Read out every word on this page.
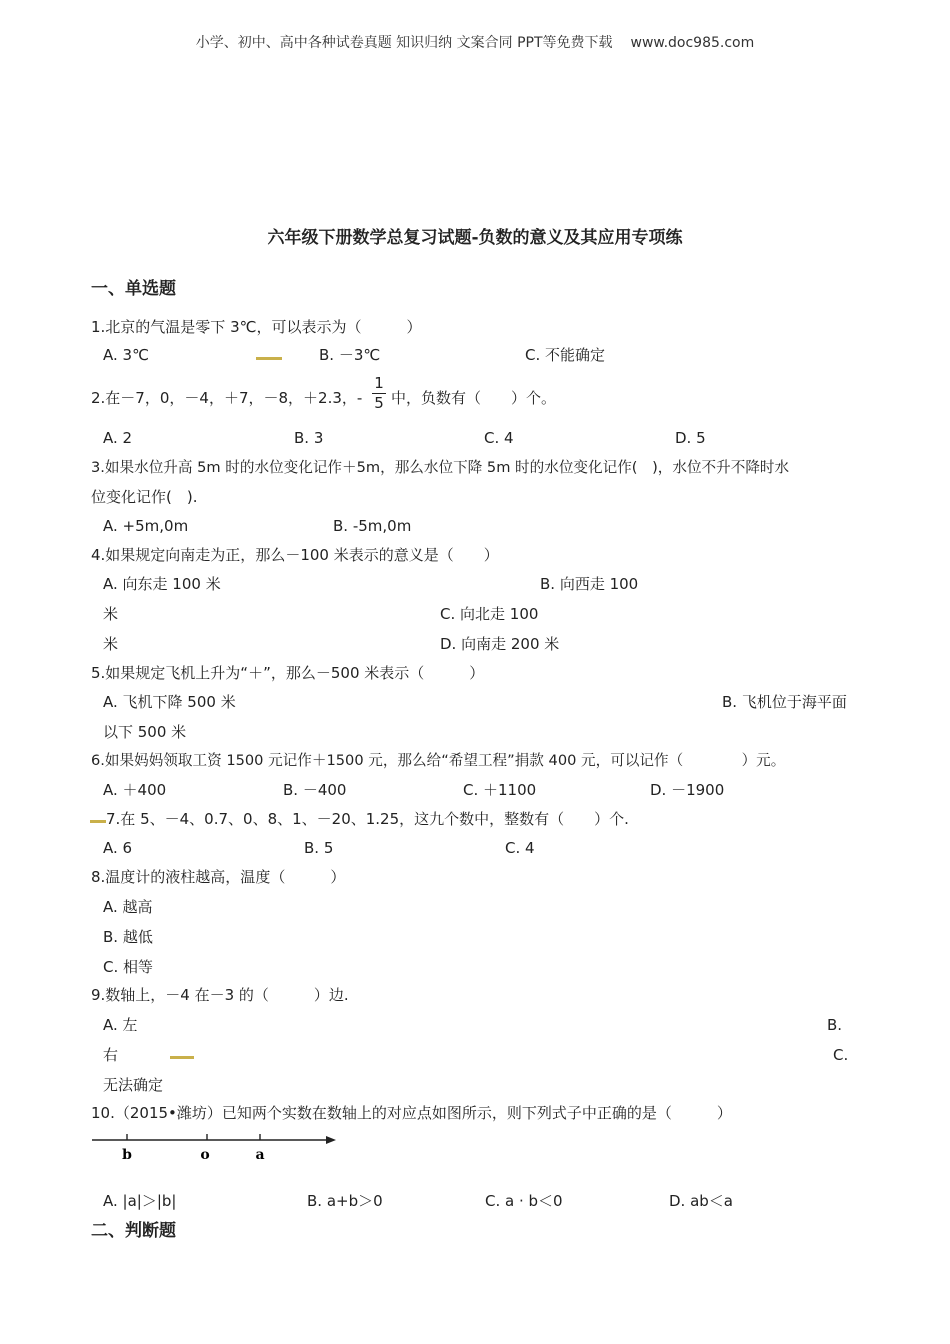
小学、初中、高中各种试卷真题 知识归纳 文案合同 PPT等免费下载 www.doc985.com
六年级下册数学总复习试题-负数的意义及其应用专项练
一、单选题
1.北京的气温是零下 3℃，可以表示为（　　　）
A. 3℃	B. －3℃	C. 不能确定
2.在－7，0，－4，＋7，－8，＋2.3，-
1
5 中，负数有（　　）个。
A. 2	B. 3	C. 4	D. 5
3.如果水位升高 5m 时的水位变化记作＋5m，那么水位下降 5m 时的水位变化记作(　)，水位不升不降时水
位变化记作(　).
A. +5m,0m	B. -5m,0m
4.如果规定向南走为正，那么－100 米表示的意义是（　　）
A. 向东走 100 米	B. 向西走 100
米	C. 向北走 100
米	D. 向南走 200 米
5.如果规定飞机上升为“＋”，那么－500 米表示（　　　）
A. 飞机下降 500 米	B. 飞机位于海平面
以下 500 米
6.如果妈妈领取工资 1500 元记作＋1500 元，那么给“希望工程”捐款 400 元，可以记作（　　　　）元。
A. ＋400	B. －400	C. ＋1100	D. －1900
7.在 5、－4、0.7、0、8、1、－20、1.25，这九个数中，整数有（　　）个.
A. 6	B. 5	C. 4
8.温度计的液柱越高，温度（　　　）
A. 越高
B. 越低
C. 相等
9.数轴上，－4 在－3 的（　　　）边.
A. 左	B.
右	C.
无法确定
10.（2015•潍坊）已知两个实数在数轴上的对应点如图所示，则下列式子中正确的是（　　　）
b	o	a
A. |a|＞|b|	B. a+b＞0	C. a · b＜0	D. ab＜a
二、判断题
